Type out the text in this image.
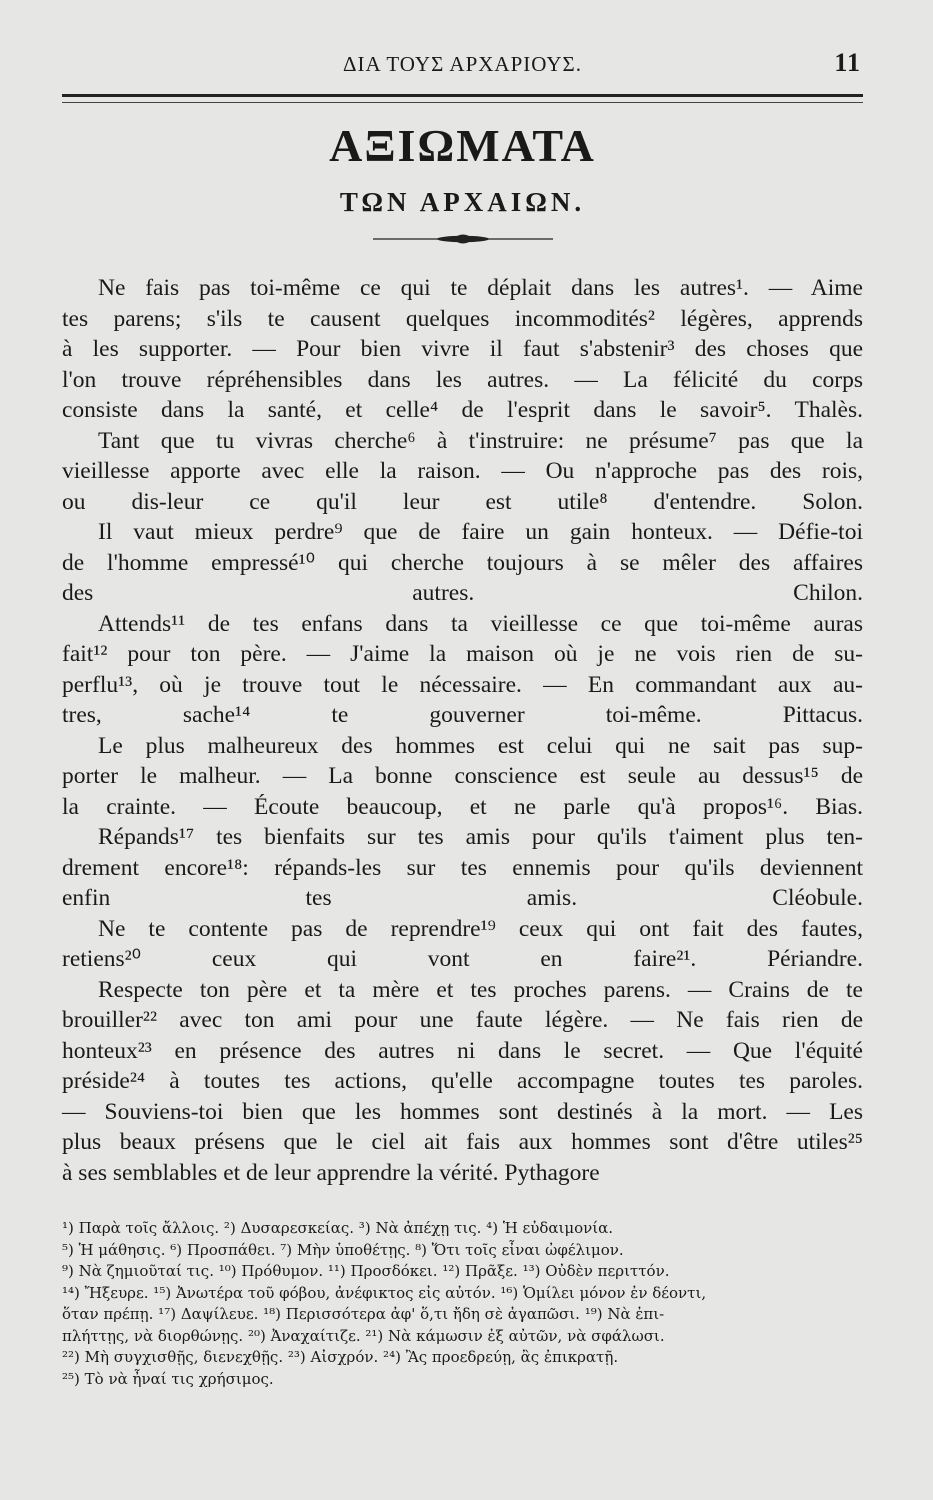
ΔΙΑ ΤΟΥΣ ΑΡΧΑΡΙΟΥΣ.	11
ΑΞΙΩΜΑΤΑ
ΤΩΝ ΑΡΧΑΙΩΝ.
Ne fais pas toi-même ce qui te déplait dans les autres¹. — Aime
tes parens; s'ils te causent quelques incommodités² légères, apprends
à les supporter. — Pour bien vivre il faut s'abstenir³ des choses que
l'on trouve répréhensibles dans les autres. — La félicité du corps
consiste dans la santé, et celle⁴ de l'esprit dans le savoir⁵. Thalès.
Tant que tu vivras cherche⁶ à t'instruire: ne présume⁷ pas que la
vieillesse apporte avec elle la raison. — Ou n'approche pas des rois,
ou dis-leur ce qu'il leur est utile⁸ d'entendre. Solon.
Il vaut mieux perdre⁹ que de faire un gain honteux. — Défie-toi
de l'homme empressé¹⁰ qui cherche toujours à se mêler des affaires
des autres. Chilon.
Attends¹¹ de tes enfans dans ta vieillesse ce que toi-même auras
fait¹² pour ton père. — J'aime la maison où je ne vois rien de su-
perflu¹³, où je trouve tout le nécessaire. — En commandant aux au-
tres, sache¹⁴ te gouverner toi-même. Pittacus.
Le plus malheureux des hommes est celui qui ne sait pas sup-
porter le malheur. — La bonne conscience est seule au dessus¹⁵ de
la crainte. — Écoute beaucoup, et ne parle qu'à propos¹⁶. Bias.
Répands¹⁷ tes bienfaits sur tes amis pour qu'ils t'aiment plus ten-
drement encore¹⁸: répands-les sur tes ennemis pour qu'ils deviennent
enfin tes amis. Cléobule.
Ne te contente pas de reprendre¹⁹ ceux qui ont fait des fautes,
retiens²⁰ ceux qui vont en faire²¹. Périandre.
Respecte ton père et ta mère et tes proches parens. — Crains de te
brouiller²² avec ton ami pour une faute légère. — Ne fais rien de
honteux²³ en présence des autres ni dans le secret. — Que l'équité
préside²⁴ à toutes tes actions, qu'elle accompagne toutes tes paroles.
— Souviens-toi bien que les hommes sont destinés à la mort. — Les
plus beaux présens que le ciel ait fais aux hommes sont d'être utiles²⁵
à ses semblables et de leur apprendre la vérité. Pythagore
¹) Παρὰ τοῖς ἄλλοις. ²) Δυσαρεσκείας. ³) Νὰ ἀπέχῃ τις. ⁴) Ἡ εὐδαιμονία.
⁵) Ἡ μάθησις. ⁶) Προσπάθει. ⁷) Μὴν ὑποθέτῃς. ⁸) Ὅτι τοῖς εἶναι ὠφέλιμον.
⁹) Νὰ ζημιοῦταί τις. ¹⁰) Πρόθυμον. ¹¹) Προσδόκει. ¹²) Πρᾶξε. ¹³) Οὐδὲν περιττόν.
¹⁴) Ἤξευρε. ¹⁵) Ἀνωτέρα τοῦ φόβου, ἀνέφικτος εἰς αὐτόν. ¹⁶) Ὁμίλει μόνον ἐν δέοντι,
ὅταν πρέπῃ. ¹⁷) Δαψίλευε. ¹⁸) Περισσότερα ἀφ' ὅ,τι ἤδη σὲ ἀγαπῶσι. ¹⁹) Νὰ ἐπι-
πλήττῃς, νὰ διορθώνῃς. ²⁰) Ἀναχαίτιζε. ²¹) Νὰ κάμωσιν ἐξ αὐτῶν, νὰ σφάλωσι.
²²) Μὴ συγχισθῇς, διενεχθῇς. ²³) Αἰσχρόν. ²⁴) Ἂς προεδρεύῃ, ἂς ἐπικρατῇ.
²⁵) Τὸ νὰ ἦναί τις χρήσιμος.
